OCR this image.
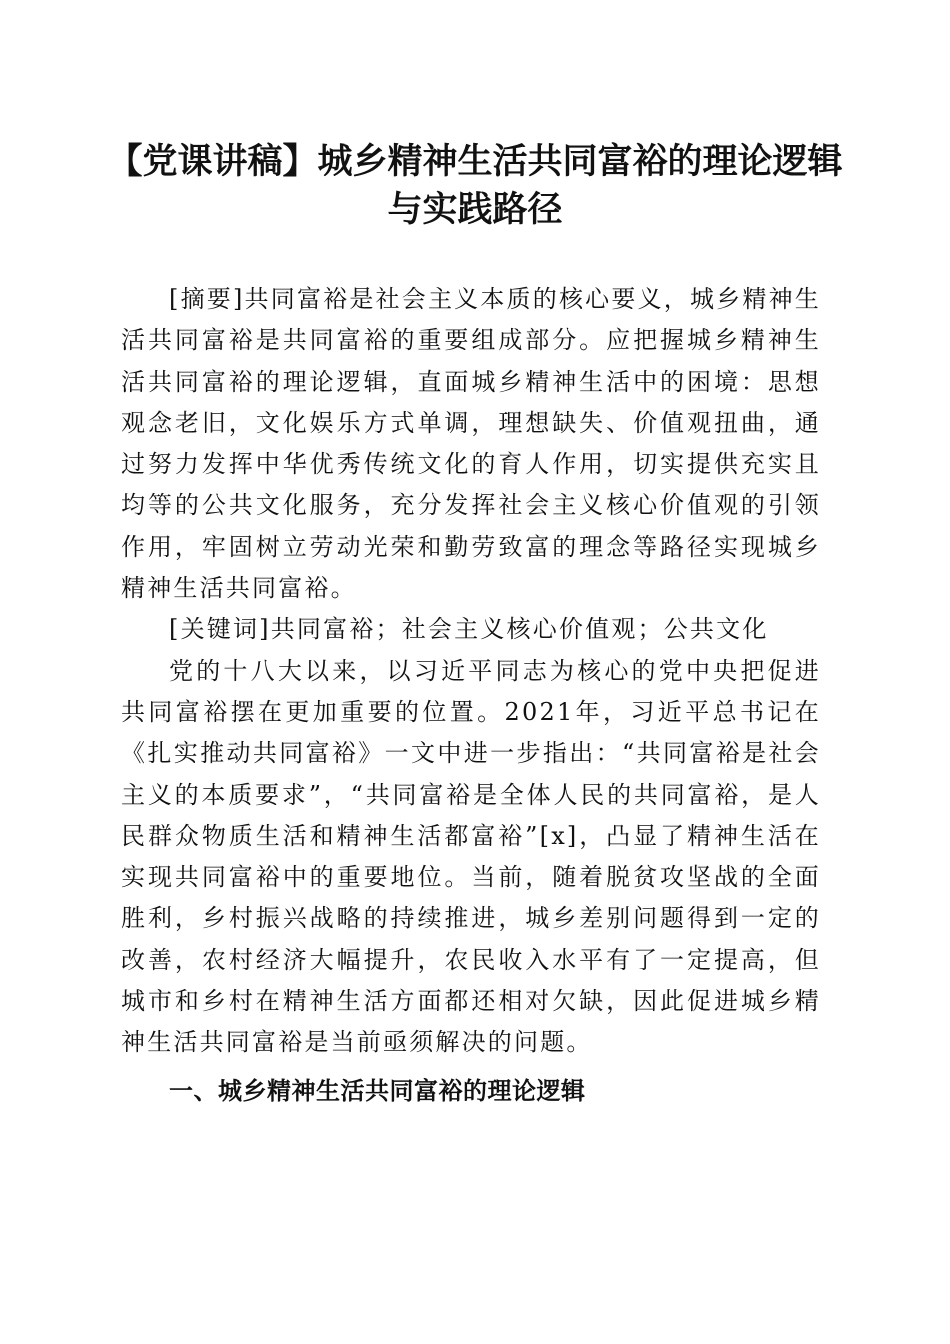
【党课讲稿】城乡精神生活共同富裕的理论逻辑与实践路径

[摘要]共同富裕是社会主义本质的核心要义，城乡精神生活共同富裕是共同富裕的重要组成部分。应把握城乡精神生活共同富裕的理论逻辑，直面城乡精神生活中的困境：思想观念老旧，文化娱乐方式单调，理想缺失、价值观扭曲，通过努力发挥中华优秀传统文化的育人作用，切实提供充实且均等的公共文化服务，充分发挥社会主义核心价值观的引领作用，牢固树立劳动光荣和勤劳致富的理念等路径实现城乡精神生活共同富裕。

[关键词]共同富裕；社会主义核心价值观；公共文化

党的十八大以来，以习近平同志为核心的党中央把促进共同富裕摆在更加重要的位置。2021年，习近平总书记在《扎实推动共同富裕》一文中进一步指出：“共同富裕是社会主义的本质要求”，“共同富裕是全体人民的共同富裕，是人民群众物质生活和精神生活都富裕”[x]，凸显了精神生活在实现共同富裕中的重要地位。当前，随着脱贫攻坚战的全面胜利，乡村振兴战略的持续推进，城乡差别问题得到一定的改善，农村经济大幅提升，农民收入水平有了一定提高，但城市和乡村在精神生活方面都还相对欠缺，因此促进城乡精神生活共同富裕是当前亟须解决的问题。

一、城乡精神生活共同富裕的理论逻辑
